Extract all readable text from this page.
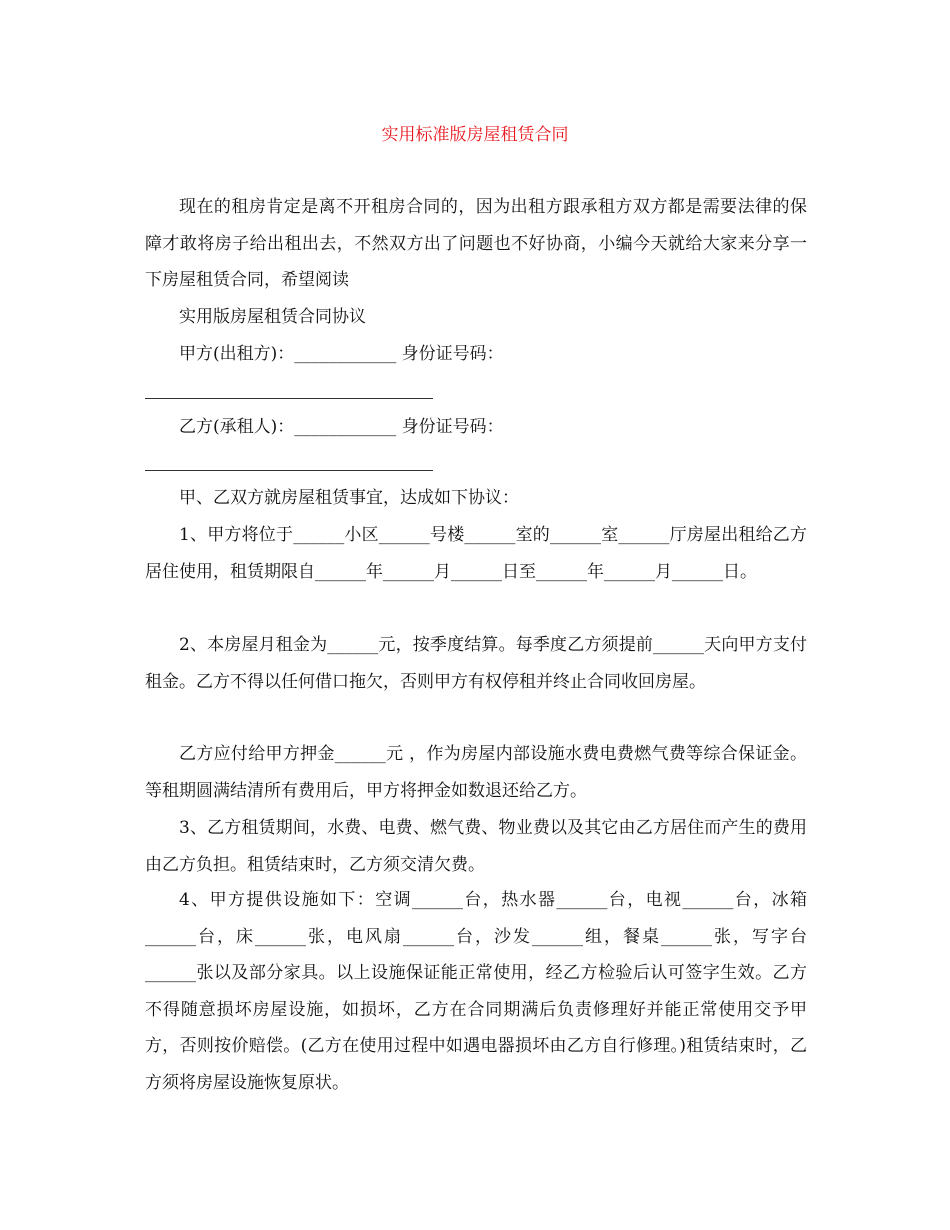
实用标准版房屋租赁合同

现在的租房肯定是离不开租房合同的，因为出租方跟承租方双方都是需要法律的保障才敢将房子给出租出去，不然双方出了问题也不好协商，小编今天就给大家来分享一下房屋租赁合同，希望阅读

实用版房屋租赁合同协议

甲方(出租方)：____________ 身份证号码：

乙方(承租人)：____________ 身份证号码：

甲、乙双方就房屋租赁事宜，达成如下协议：

1、甲方将位于______小区______号楼______室的______室______厅房屋出租给乙方居住使用，租赁期限自______年______月______日至______年______月______日。

2、本房屋月租金为______元，按季度结算。每季度乙方须提前______天向甲方支付租金。乙方不得以任何借口拖欠，否则甲方有权停租并终止合同收回房屋。

乙方应付给甲方押金______元 ，作为房屋内部设施水费电费燃气费等综合保证金。等租期圆满结清所有费用后，甲方将押金如数退还给乙方。

3、乙方租赁期间，水费、电费、燃气费、物业费以及其它由乙方居住而产生的费用由乙方负担。租赁结束时，乙方须交清欠费。

4、甲方提供设施如下：空调______台，热水器______台，电视______台，冰箱______台，床______张，电风扇______台，沙发______组，餐桌______张，写字台______张以及部分家具。以上设施保证能正常使用，经乙方检验后认可签字生效。乙方不得随意损坏房屋设施，如损坏，乙方在合同期满后负责修理好并能正常使用交予甲方，否则按价赔偿。(乙方在使用过程中如遇电器损坏由乙方自行修理。)租赁结束时，乙方须将房屋设施恢复原状。
